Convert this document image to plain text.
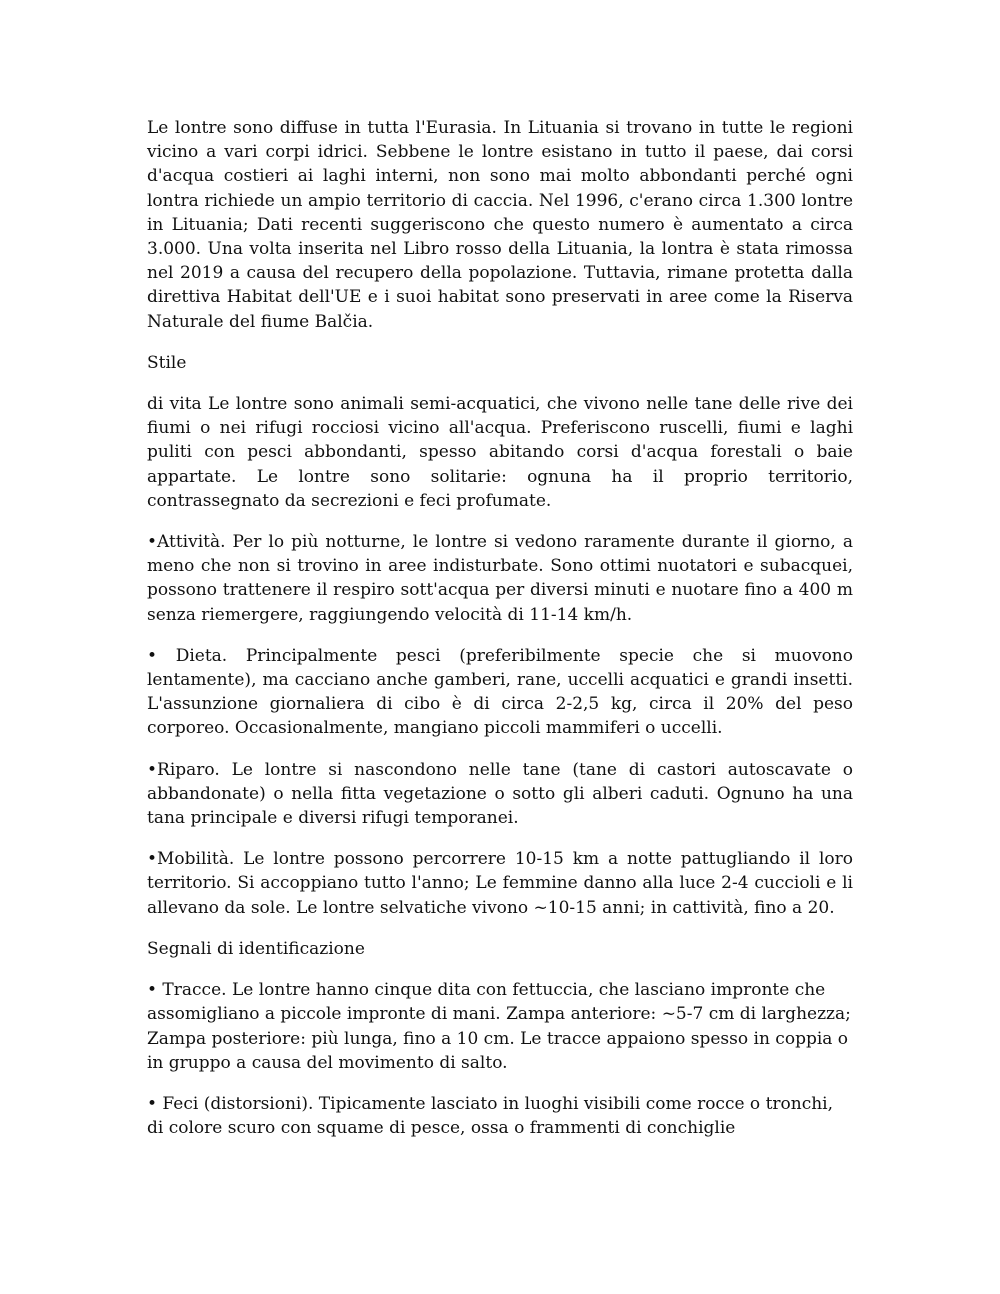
Le lontre sono diffuse in tutta l'Eurasia. In Lituania si trovano in tutte le regioni vicino a vari corpi idrici. Sebbene le lontre esistano in tutto il paese, dai corsi d'acqua costieri ai laghi interni, non sono mai molto abbondanti perché ogni lontra richiede un ampio territorio di caccia. Nel 1996, c'erano circa 1.300 lontre in Lituania; Dati recenti suggeriscono che questo numero è aumentato a circa 3.000. Una volta inserita nel Libro rosso della Lituania, la lontra è stata rimossa nel 2019 a causa del recupero della popolazione. Tuttavia, rimane protetta dalla direttiva Habitat dell'UE e i suoi habitat sono preservati in aree come la Riserva Naturale del fiume Balčia.

Stile

di vita Le lontre sono animali semi-acquatici, che vivono nelle tane delle rive dei fiumi o nei rifugi rocciosi vicino all'acqua. Preferiscono ruscelli, fiumi e laghi puliti con pesci abbondanti, spesso abitando corsi d'acqua forestali o baie appartate. Le lontre sono solitarie: ognuna ha il proprio territorio, contrassegnato da secrezioni e feci profumate.

•Attività. Per lo più notturne, le lontre si vedono raramente durante il giorno, a meno che non si trovino in aree indisturbate. Sono ottimi nuotatori e subacquei, possono trattenere il respiro sott'acqua per diversi minuti e nuotare fino a 400 m senza riemergere, raggiungendo velocità di 11-14 km/h.

• Dieta. Principalmente pesci (preferibilmente specie che si muovono lentamente), ma cacciano anche gamberi, rane, uccelli acquatici e grandi insetti. L'assunzione giornaliera di cibo è di circa 2-2,5 kg, circa il 20% del peso corporeo. Occasionalmente, mangiano piccoli mammiferi o uccelli.

•Riparo. Le lontre si nascondono nelle tane (tane di castori autoscavate o abbandonate) o nella fitta vegetazione o sotto gli alberi caduti. Ognuno ha una tana principale e diversi rifugi temporanei.

•Mobilità. Le lontre possono percorrere 10-15 km a notte pattugliando il loro territorio. Si accoppiano tutto l'anno; Le femmine danno alla luce 2-4 cuccioli e li allevano da sole. Le lontre selvatiche vivono ~10-15 anni; in cattività, fino a 20.

Segnali di identificazione

• Tracce. Le lontre hanno cinque dita con fettuccia, che lasciano impronte che assomigliano a piccole impronte di mani. Zampa anteriore: ~5-7 cm di larghezza; Zampa posteriore: più lunga, fino a 10 cm. Le tracce appaiono spesso in coppia o in gruppo a causa del movimento di salto.

• Feci (distorsioni). Tipicamente lasciato in luoghi visibili come rocce o tronchi, di colore scuro con squame di pesce, ossa o frammenti di conchiglie
